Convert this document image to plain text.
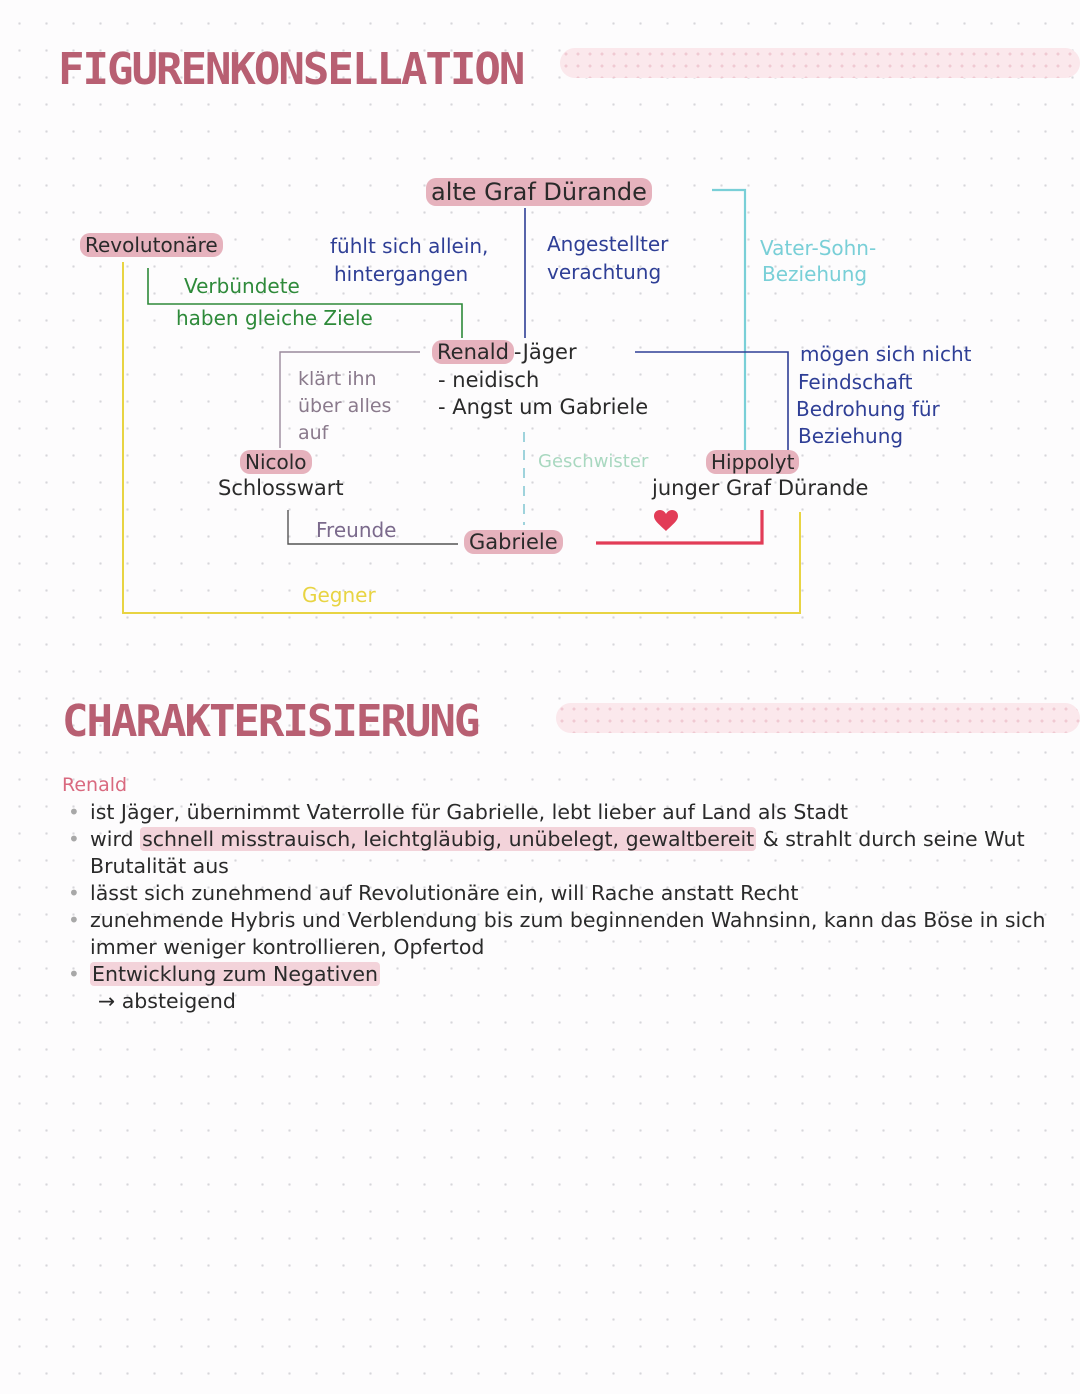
FIGURENKONSELLATION
alte Graf Dürande
Revolutonäre	fühlt sich allein,
hintergangen
Angestellter
verachtung
Vater-Sohn-
Beziehung
Verbündete
haben gleiche Ziele
Renald -Jäger
- neidisch
- Angst um Gabriele
klärt ihn
über alles
auf
mögen sich nicht
Feindschaft
Bedrohung für
Beziehung
Nicolo
Schlosswart
Geschwister	Hippolyt
junger Graf Dürande
Freunde	Gabriele
Gegner
CHARAKTERISIERUNG
Renald
• ist Jäger, übernimmt Vaterrolle für Gabrielle, lebt lieber auf Land als Stadt
• wird schnell misstrauisch, leichtgläubig, unübelegt, gewaltbereit & strahlt durch seine Wut Brutalität aus
• lässt sich zunehmend auf Revolutionäre ein, will Rache anstatt Recht
• zunehmende Hybris und Verblendung bis zum beginnenden Wahnsinn, kann das Böse in sich immer weniger kontrollieren, Opfertod
• Entwicklung zum Negativen
→ absteigend
